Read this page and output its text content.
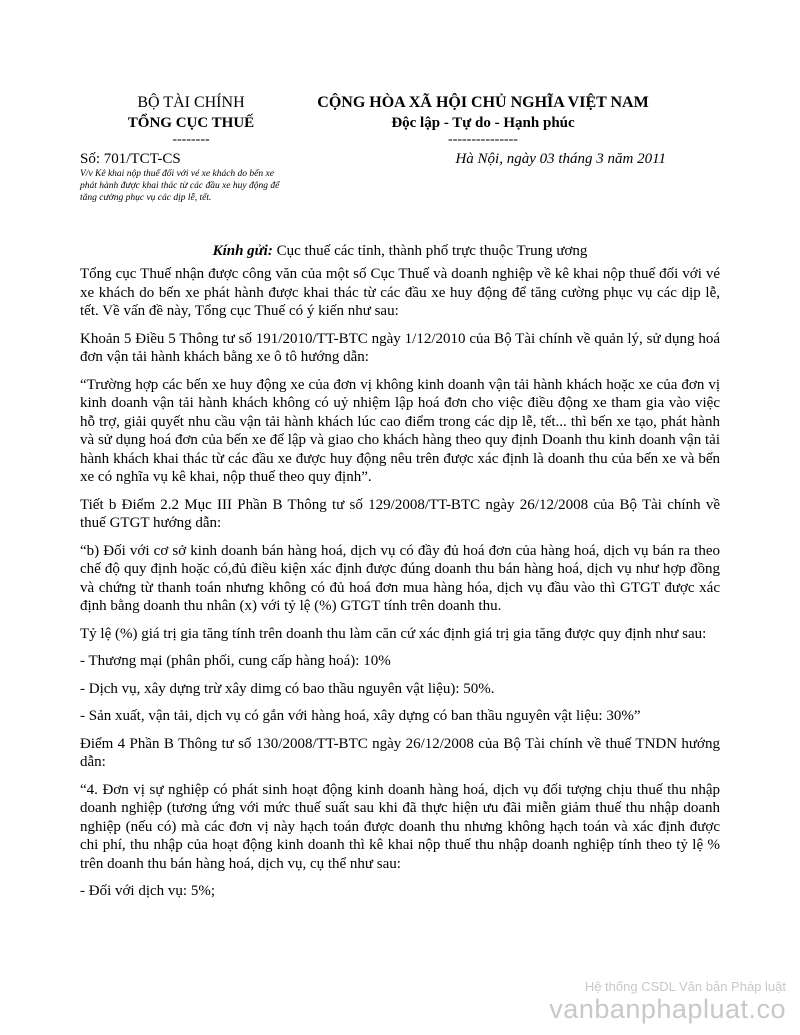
BỘ TÀI CHÍNH
TỔNG CỤC THUẾ
--------
CỘNG HÒA XÃ HỘI CHỦ NGHĨA VIỆT NAM
Độc lập - Tự do - Hạnh phúc
---------------
Số: 701/TCT-CS
V/v Kê khai nộp thuế đối với vé xe khách do bến xe phát hành được khai thác từ các đầu xe huy động để tăng cường phục vụ các dịp lễ, tết.
Hà Nội, ngày 03 tháng 3 năm 2011
Kính gửi: Cục thuế các tỉnh, thành phố trực thuộc Trung ương

Tổng cục Thuế nhận được công văn của một số Cục Thuế và doanh nghiệp về kê khai nộp thuế đối với vé xe khách do bến xe phát hành được khai thác từ các đầu xe huy động để tăng cường phục vụ các dịp lễ, tết. Về vấn đề này, Tổng cục Thuế có ý kiến như sau:

Khoản 5 Điều 5 Thông tư số 191/2010/TT-BTC ngày 1/12/2010 của Bộ Tài chính về quản lý, sử dụng hoá đơn vận tải hành khách bằng xe ô tô hướng dẫn:

“Trường hợp các bến xe huy động xe của đơn vị không kinh doanh vận tải hành khách hoặc xe của đơn vị kinh doanh vận tải hành khách không có uỷ nhiệm lập hoá đơn cho việc điều động xe tham gia vào việc hỗ trợ, giải quyết nhu cầu vận tải hành khách lúc cao điểm trong các dịp lễ, tết... thì bến xe tạo, phát hành và sử dụng hoá đơn của bến xe để lập và giao cho khách hàng theo quy định Doanh thu kinh doanh vận tải hành khách khai thác từ các đầu xe được huy động nêu trên được xác định là doanh thu của bến xe và bến xe có nghĩa vụ kê khai, nộp thuế theo quy định”.

Tiết b Điểm 2.2 Mục III Phần B Thông tư số 129/2008/TT-BTC ngày 26/12/2008 của Bộ Tài chính về thuế GTGT hướng dẫn:

“b) Đối với cơ sở kinh doanh bán hàng hoá, dịch vụ có đầy đủ hoá đơn của hàng hoá, dịch vụ bán ra theo chế độ quy định hoặc có,đủ điều kiện xác định được đúng doanh thu bán hàng hoá, dịch vụ như hợp đồng và chứng từ thanh toán nhưng không có đủ hoá đơn mua hàng hóa, dịch vụ đầu vào thì GTGT được xác định bằng doanh thu nhân (x) với tỷ lệ (%) GTGT tính trên doanh thu.

Tỷ lệ (%) giá trị gia tăng tính trên doanh thu làm căn cứ xác định giá trị gia tăng được quy định như sau:

- Thương mại (phân phối, cung cấp hàng hoá): 10%

- Dịch vụ, xây dựng trừ xây dimg có bao thầu nguyên vật liệu): 50%.

- Sản xuất, vận tải, dịch vụ có gắn với hàng hoá, xây dựng có ban thầu nguyên vật liệu: 30%”

Điểm 4 Phần B Thông tư số 130/2008/TT-BTC ngày 26/12/2008 của Bộ Tài chính về thuế TNDN hướng dẫn:

“4. Đơn vị sự nghiệp có phát sinh hoạt động kinh doanh hàng hoá, dịch vụ đối tượng chịu thuế thu nhập doanh nghiệp (tương ứng với mức thuế suất sau khi đã thực hiện ưu đãi miễn giảm thuế thu nhập doanh nghiệp (nếu có) mà các đơn vị này hạch toán được doanh thu nhưng không hạch toán và xác định được chi phí, thu nhập của hoạt động kinh doanh thì kê khai nộp thuế thu nhập doanh nghiệp tính theo tỷ lệ % trên doanh thu bán hàng hoá, dịch vụ, cụ thể như sau:

- Đối với dịch vụ: 5%;

Hệ thống CSDL Văn bản Pháp luật
vanbanphapluat.co
